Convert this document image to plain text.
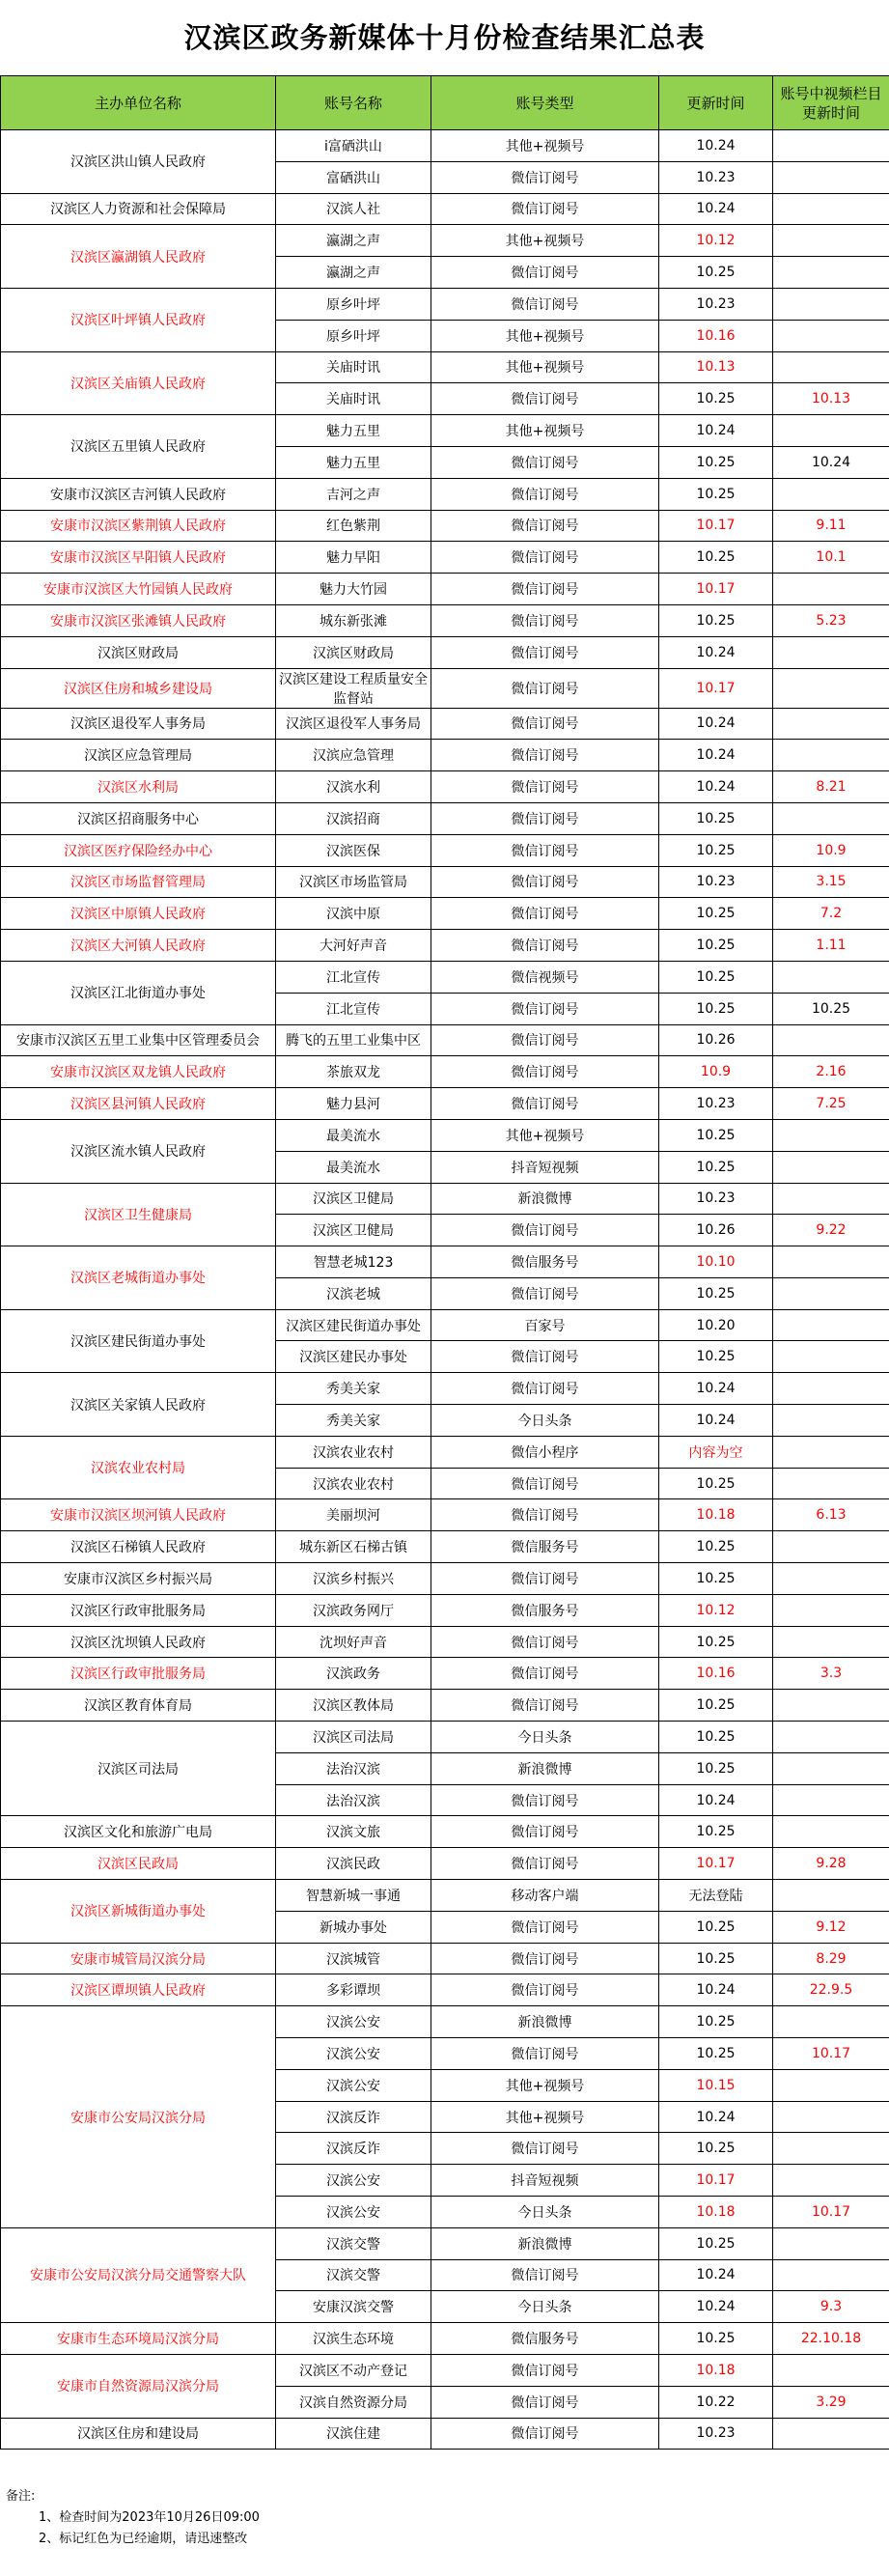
汉滨区政务新媒体十月份检查结果汇总表
主办单位名称	账号名称	账号类型	更新时间	账号中视频栏目更新时间
汉滨区洪山镇人民政府	i富硒洪山	其他+视频号	10.24	
	富硒洪山	微信订阅号	10.23	
汉滨区人力资源和社会保障局	汉滨人社	微信订阅号	10.24	
汉滨区瀛湖镇人民政府	瀛湖之声	其他+视频号	10.12	
	瀛湖之声	微信订阅号	10.25	
汉滨区叶坪镇人民政府	原乡叶坪	微信订阅号	10.23	
	原乡叶坪	其他+视频号	10.16	
汉滨区关庙镇人民政府	关庙时讯	其他+视频号	10.13	
	关庙时讯	微信订阅号	10.25	10.13
汉滨区五里镇人民政府	魅力五里	其他+视频号	10.24	
	魅力五里	微信订阅号	10.25	10.24
安康市汉滨区吉河镇人民政府	吉河之声	微信订阅号	10.25	
安康市汉滨区紫荆镇人民政府	红色紫荆	微信订阅号	10.17	9.11
安康市汉滨区早阳镇人民政府	魅力早阳	微信订阅号	10.25	10.1
安康市汉滨区大竹园镇人民政府	魅力大竹园	微信订阅号	10.17	
安康市汉滨区张滩镇人民政府	城东新张滩	微信订阅号	10.25	5.23
汉滨区财政局	汉滨区财政局	微信订阅号	10.24	
汉滨区住房和城乡建设局	汉滨区建设工程质量安全监督站	微信订阅号	10.17	
汉滨区退役军人事务局	汉滨区退役军人事务局	微信订阅号	10.24	
汉滨区应急管理局	汉滨应急管理	微信订阅号	10.24	
汉滨区水利局	汉滨水利	微信订阅号	10.24	8.21
汉滨区招商服务中心	汉滨招商	微信订阅号	10.25	
汉滨区医疗保险经办中心	汉滨医保	微信订阅号	10.25	10.9
汉滨区市场监督管理局	汉滨区市场监管局	微信订阅号	10.23	3.15
汉滨区中原镇人民政府	汉滨中原	微信订阅号	10.25	7.2
汉滨区大河镇人民政府	大河好声音	微信订阅号	10.25	1.11
汉滨区江北街道办事处	江北宣传	微信视频号	10.25	
	江北宣传	微信订阅号	10.25	10.25
安康市汉滨区五里工业集中区管理委员会	腾飞的五里工业集中区	微信订阅号	10.26	
安康市汉滨区双龙镇人民政府	茶旅双龙	微信订阅号	10.9	2.16
汉滨区县河镇人民政府	魅力县河	微信订阅号	10.23	7.25
汉滨区流水镇人民政府	最美流水	其他+视频号	10.25	
	最美流水	抖音短视频	10.25	
汉滨区卫生健康局	汉滨区卫健局	新浪微博	10.23	
	汉滨区卫健局	微信订阅号	10.26	9.22
汉滨区老城街道办事处	智慧老城123	微信服务号	10.10	
	汉滨老城	微信订阅号	10.25	
汉滨区建民街道办事处	汉滨区建民街道办事处	百家号	10.20	
	汉滨区建民办事处	微信订阅号	10.25	
汉滨区关家镇人民政府	秀美关家	微信订阅号	10.24	
	秀美关家	今日头条	10.24	
汉滨农业农村局	汉滨农业农村	微信小程序	内容为空	
	汉滨农业农村	微信订阅号	10.25	
安康市汉滨区坝河镇人民政府	美丽坝河	微信订阅号	10.18	6.13
汉滨区石梯镇人民政府	城东新区石梯古镇	微信服务号	10.25	
安康市汉滨区乡村振兴局	汉滨乡村振兴	微信订阅号	10.25	
汉滨区行政审批服务局	汉滨政务网厅	微信服务号	10.12	
汉滨区沈坝镇人民政府	沈坝好声音	微信订阅号	10.25	
汉滨区行政审批服务局	汉滨政务	微信订阅号	10.16	3.3
汉滨区教育体育局	汉滨区教体局	微信订阅号	10.25	
汉滨区司法局	汉滨区司法局	今日头条	10.25	
	法治汉滨	新浪微博	10.25	
	法治汉滨	微信订阅号	10.24	
汉滨区文化和旅游广电局	汉滨文旅	微信订阅号	10.25	
汉滨区民政局	汉滨民政	微信订阅号	10.17	9.28
汉滨区新城街道办事处	智慧新城一事通	移动客户端	无法登陆	
	新城办事处	微信订阅号	10.25	9.12
安康市城管局汉滨分局	汉滨城管	微信订阅号	10.25	8.29
汉滨区谭坝镇人民政府	多彩谭坝	微信订阅号	10.24	22.9.5
安康市公安局汉滨分局	汉滨公安	新浪微博	10.25	
	汉滨公安	微信订阅号	10.25	10.17
	汉滨公安	其他+视频号	10.15	
	汉滨反诈	其他+视频号	10.24	
	汉滨反诈	微信订阅号	10.25	
	汉滨公安	抖音短视频	10.17	
	汉滨公安	今日头条	10.18	10.17
安康市公安局汉滨分局交通警察大队	汉滨交警	新浪微博	10.25	
	汉滨交警	微信订阅号	10.24	
	安康汉滨交警	今日头条	10.24	9.3
安康市生态环境局汉滨分局	汉滨生态环境	微信服务号	10.25	22.10.18
安康市自然资源局汉滨分局	汉滨区不动产登记	微信订阅号	10.18	
	汉滨自然资源分局	微信订阅号	10.22	3.29
汉滨区住房和建设局	汉滨住建	微信订阅号	10.23	
备注:
1、检查时间为2023年10月26日09:00
2、标记红色为已经逾期，请迅速整改
